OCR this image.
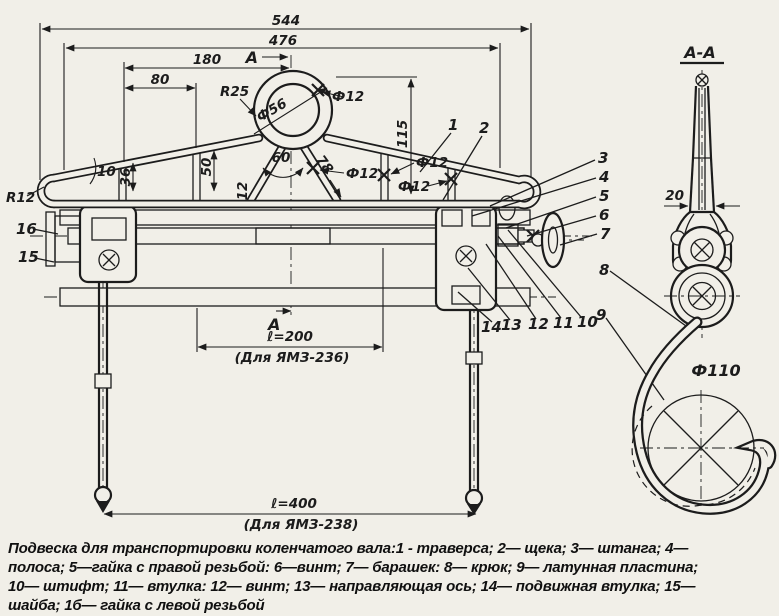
544
476
180
80
А
А
R25
Ф56	Ф12
115
10 36
50
12
60 78 Ф12
Ф12
Ф12
R12
ℓ=200
(Для ЯМЗ-236)
ℓ=400
(Для ЯМЗ-238)
1 2
3
4
5
6
7
8
9
10
11
12
13
14
15
16
А-А
20
Ф110
Подвеска для транспортировки коленчатого вала:1 - траверса; 2— щека; 3— штанга; 4—
полоса; 5—гайка с правой резьбой: 6—винт; 7— барашек: 8— крюк; 9— латунная пластина;
10— штифт; 11— втулка: 12— винт; 13— направляющая ось; 14— подвижная втулка; 15—
шайба; 1б— гайка с левой резьбой
